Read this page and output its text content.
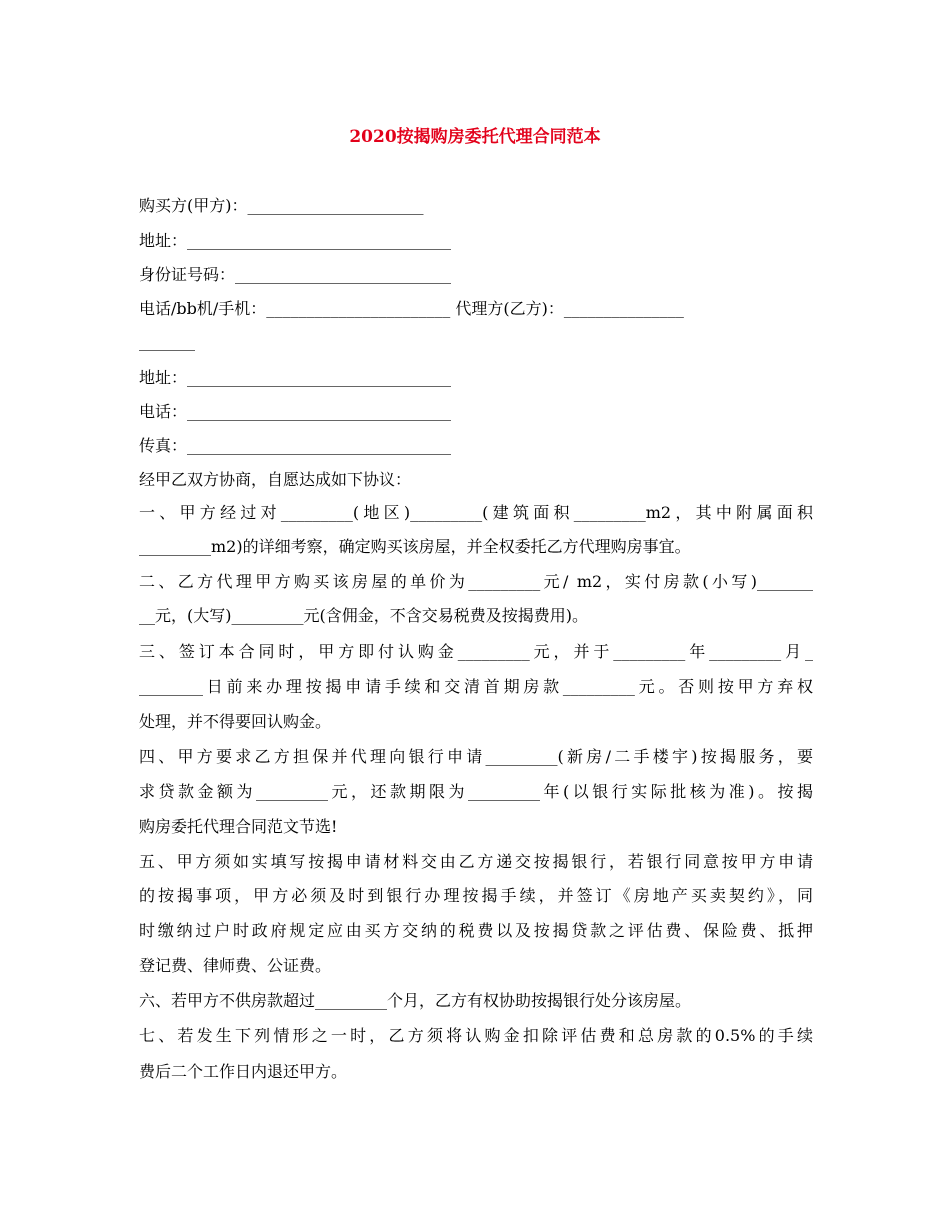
2020按揭购房委托代理合同范本
购买方(甲方)：______________________
地址：_________________________________
身份证号码：___________________________
电话/bb机/手机：_______________________ 代理方(乙方)：_______________
_______
地址：_________________________________
电话：_________________________________
传真：_________________________________
经甲乙双方协商，自愿达成如下协议：
一、甲方经过对_________(地区)_________(建筑面积_________m2，其中附属面积
_________m2)的详细考察，确定购买该房屋，并全权委托乙方代理购房事宜。
二、乙方代理甲方购买该房屋的单价为_________元/ m2，实付房款(小写)_______
__元，(大写)_________元(含佣金，不含交易税费及按揭费用)。
三、签订本合同时，甲方即付认购金_________元，并于_________年_________月_
________日前来办理按揭申请手续和交清首期房款_________元。否则按甲方弃权
处理，并不得要回认购金。
四、甲方要求乙方担保并代理向银行申请_________(新房/二手楼宇)按揭服务，要
求贷款金额为_________元，还款期限为_________年(以银行实际批核为准)。按揭
购房委托代理合同范文节选!
五、甲方须如实填写按揭申请材料交由乙方递交按揭银行，若银行同意按甲方申请
的按揭事项，甲方必须及时到银行办理按揭手续，并签订《房地产买卖契约》，同
时缴纳过户时政府规定应由买方交纳的税费以及按揭贷款之评估费、保险费、抵押
登记费、律师费、公证费。
六、若甲方不供房款超过_________个月，乙方有权协助按揭银行处分该房屋。
七、若发生下列情形之一时，乙方须将认购金扣除评估费和总房款的0.5%的手续
费后二个工作日内退还甲方。
